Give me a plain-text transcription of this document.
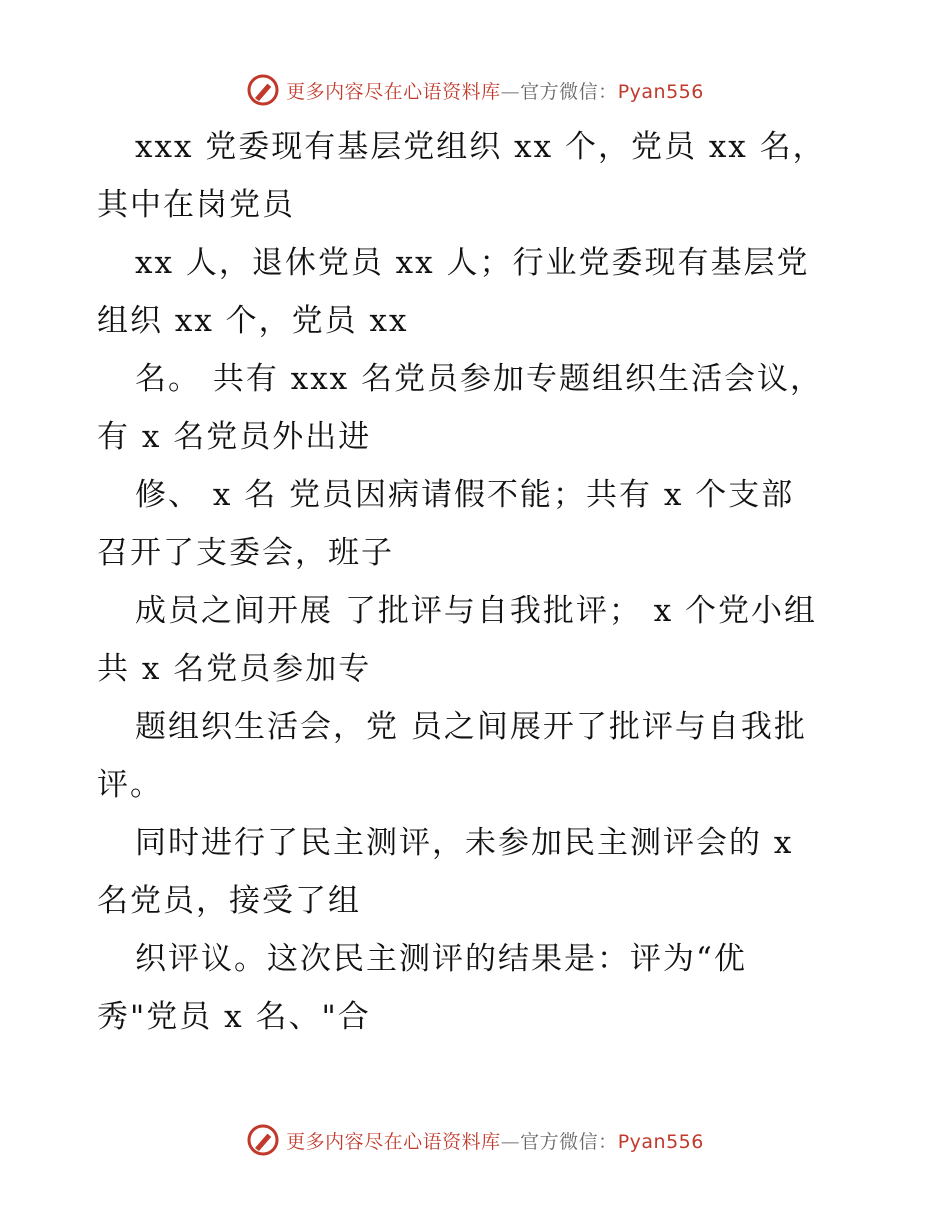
更多内容尽在心语资料库—官方微信：Pyan556
xxx 党委现有基层党组织 xx 个，党员 xx 名，
其中在岗党员
xx 人，退休党员 xx 人；行业党委现有基层党
组织 xx 个，党员 xx
名。 共有 xxx 名党员参加专题组织生活会议，
有 x 名党员外出进
修、 x 名 党员因病请假不能；共有 x 个支部
召开了支委会，班子
成员之间开展 了批评与自我批评； x 个党小组
共 x 名党员参加专
题组织生活会，党 员之间展开了批评与自我批
评。
同时进行了民主测评，未参加民主测评会的 x
名党员，接受了组
织评议。这次民主测评的结果是：评为“优
秀"党员 x 名、"合
更多内容尽在心语资料库—官方微信：Pyan556
